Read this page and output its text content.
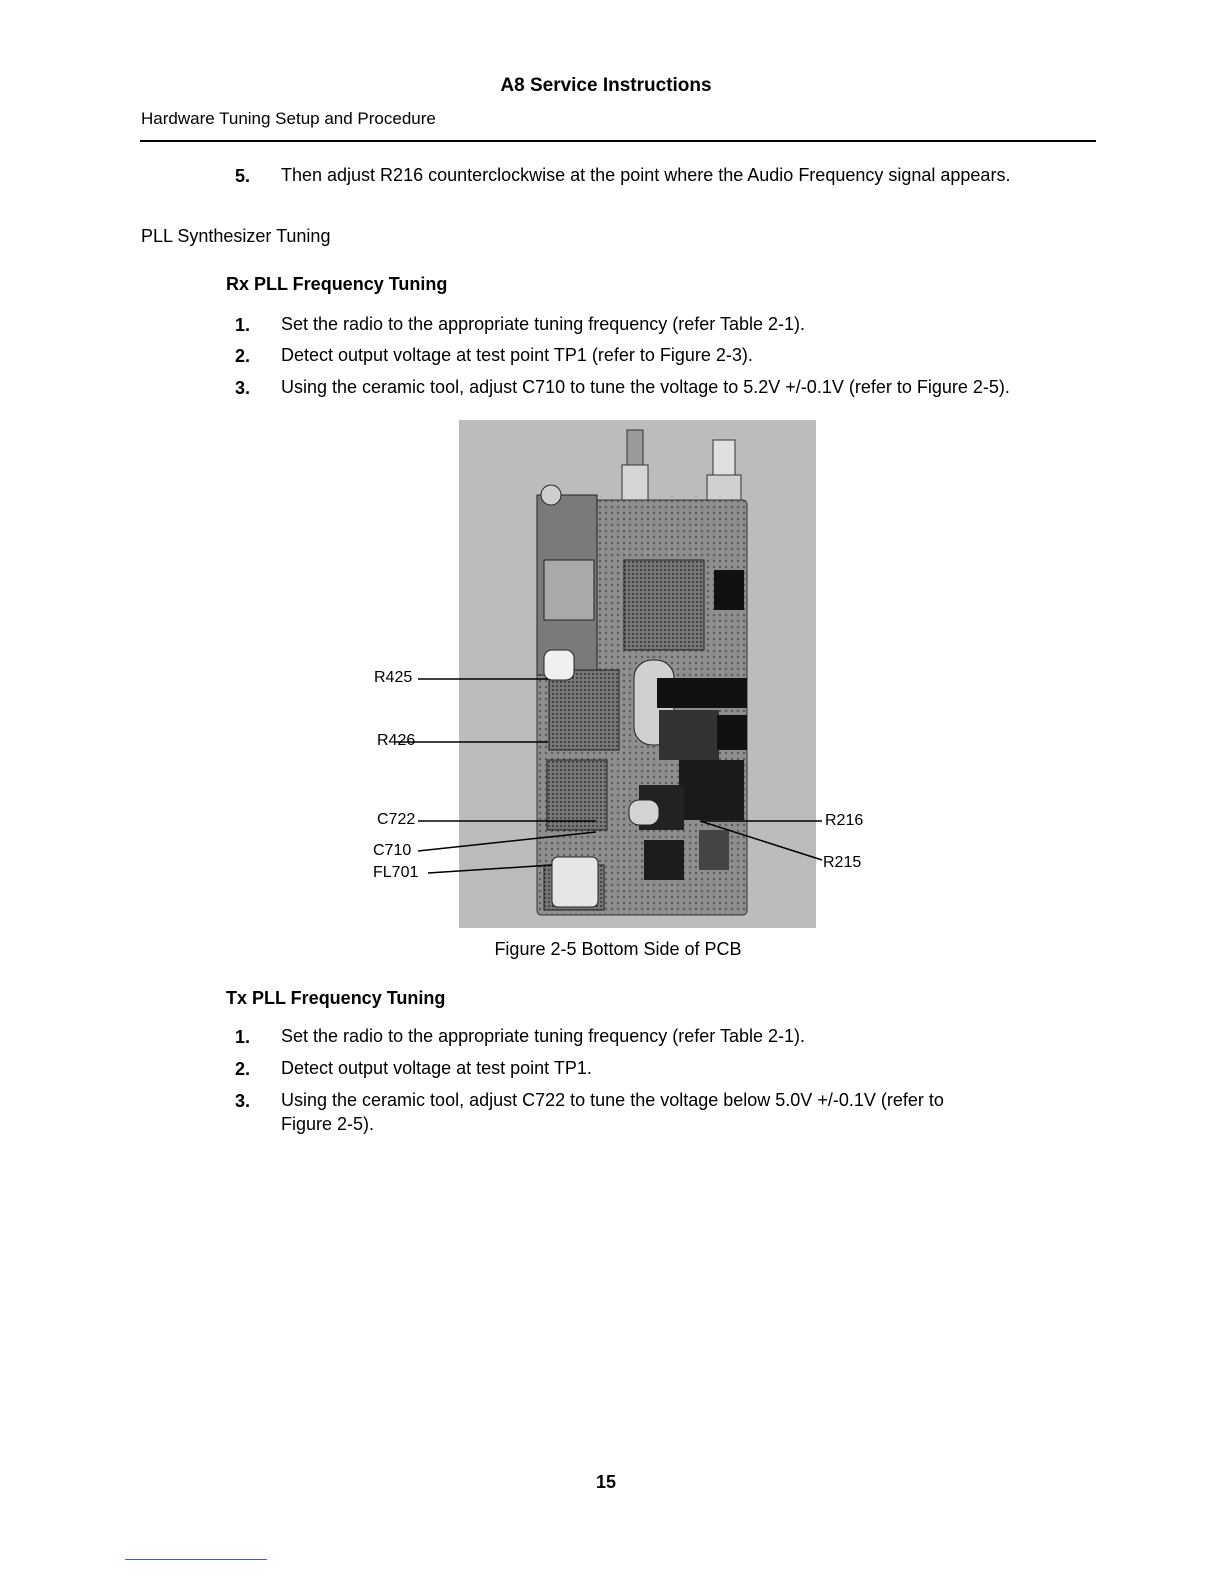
A8 Service Instructions
Hardware Tuning Setup and Procedure
5. Then adjust R216 counterclockwise at the point where the Audio Frequency signal appears.
PLL Synthesizer Tuning
Rx PLL Frequency Tuning
1. Set the radio to the appropriate tuning frequency (refer Table 2-1).
2. Detect output voltage at test point TP1 (refer to Figure 2-3).
3. Using the ceramic tool, adjust C710 to tune the voltage to 5.2V +/-0.1V (refer to Figure 2-5).
R425
R426
C722
C710
FL701
R216
R215
Figure 2-5 Bottom Side of PCB
Tx PLL Frequency Tuning
1. Set the radio to the appropriate tuning frequency (refer Table 2-1).
2. Detect output voltage at test point TP1.
3. Using the ceramic tool, adjust C722 to tune the voltage below 5.0V +/-0.1V (refer to
Figure 2-5).
15
